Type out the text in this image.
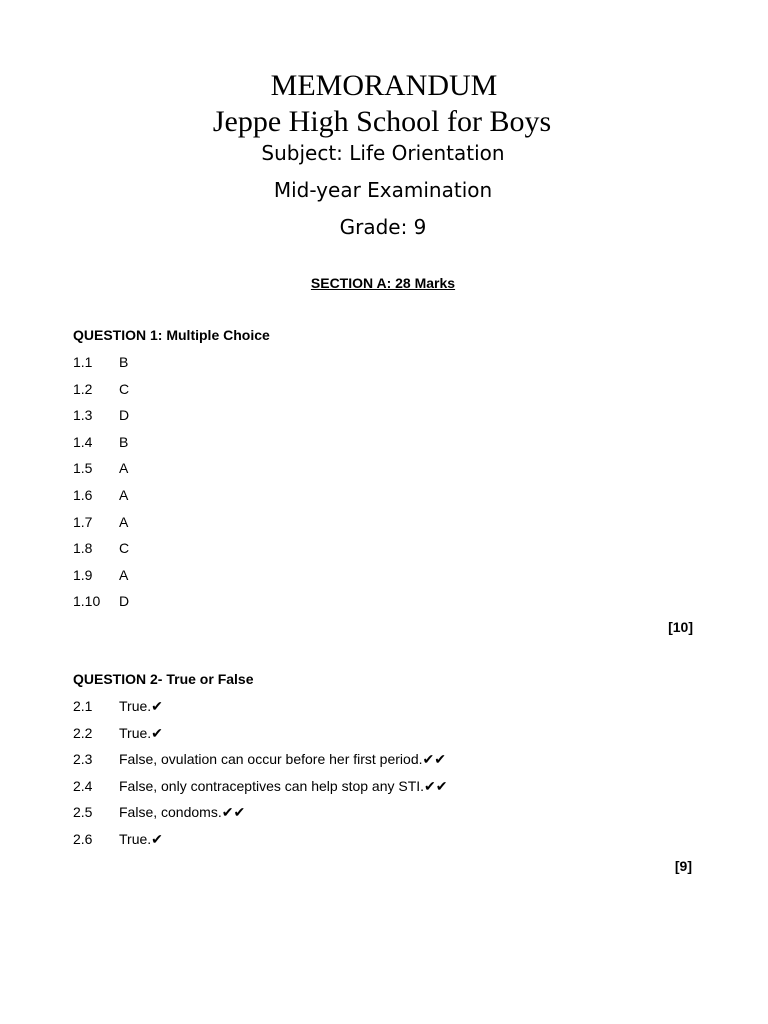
MEMORANDUM
Jeppe High School for Boys
Subject: Life Orientation
Mid-year Examination
Grade: 9
SECTION A: 28 Marks
QUESTION 1: Multiple Choice
1.1	B
1.2	C
1.3	D
1.4	B
1.5	A
1.6	A
1.7	A
1.8	C
1.9	A
1.10	D
[10]
QUESTION 2- True or False
2.1	True.✔
2.2	True.✔
2.3	False, ovulation can occur before her first period.✔✔
2.4	False, only contraceptives can help stop any STI.✔✔
2.5	False, condoms.✔✔
2.6	True.✔
[9]
